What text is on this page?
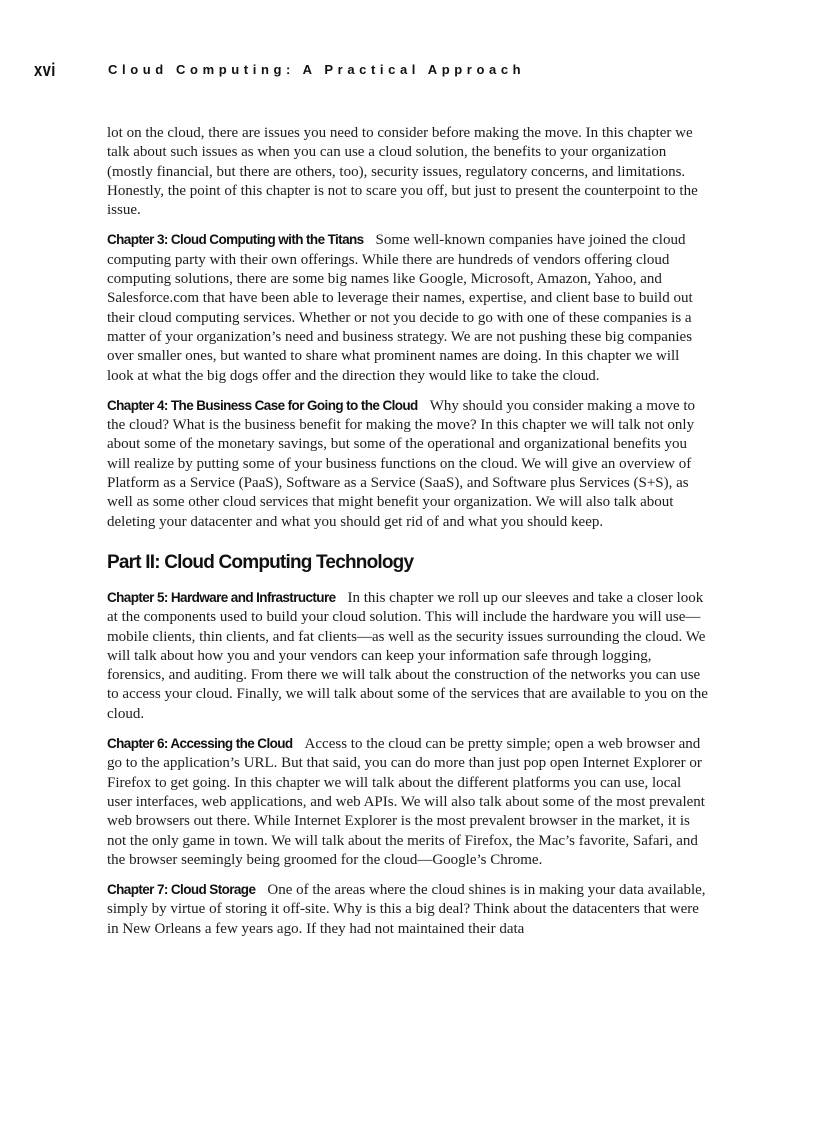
xvi	Cloud Computing: A Practical Approach

lot on the cloud, there are issues you need to consider before making the move. In this chapter we talk about such issues as when you can use a cloud solution, the benefits to your organization (mostly financial, but there are others, too), security issues, regulatory concerns, and limitations. Honestly, the point of this chapter is not to scare you off, but just to present the counterpoint to the issue.

Chapter 3: Cloud Computing with the Titans Some well-known companies have joined the cloud computing party with their own offerings. While there are hundreds of vendors offering cloud computing solutions, there are some big names like Google, Microsoft, Amazon, Yahoo, and Salesforce.com that have been able to leverage their names, expertise, and client base to build out their cloud computing services. Whether or not you decide to go with one of these companies is a matter of your organization’s need and business strategy. We are not pushing these big companies over smaller ones, but wanted to share what prominent names are doing. In this chapter we will look at what the big dogs offer and the direction they would like to take the cloud.

Chapter 4: The Business Case for Going to the Cloud Why should you consider making a move to the cloud? What is the business benefit for making the move? In this chapter we will talk not only about some of the monetary savings, but some of the operational and organizational benefits you will realize by putting some of your business functions on the cloud. We will give an overview of Platform as a Service (PaaS), Software as a Service (SaaS), and Software plus Services (S+S), as well as some other cloud services that might benefit your organization. We will also talk about deleting your datacenter and what you should get rid of and what you should keep.

Part II: Cloud Computing Technology

Chapter 5: Hardware and Infrastructure In this chapter we roll up our sleeves and take a closer look at the components used to build your cloud solution. This will include the hardware you will use—mobile clients, thin clients, and fat clients—as well as the security issues surrounding the cloud. We will talk about how you and your vendors can keep your information safe through logging, forensics, and auditing. From there we will talk about the construction of the networks you can use to access your cloud. Finally, we will talk about some of the services that are available to you on the cloud.

Chapter 6: Accessing the Cloud Access to the cloud can be pretty simple; open a web browser and go to the application’s URL. But that said, you can do more than just pop open Internet Explorer or Firefox to get going. In this chapter we will talk about the different platforms you can use, local user interfaces, web applications, and web APIs. We will also talk about some of the most prevalent web browsers out there. While Internet Explorer is the most prevalent browser in the market, it is not the only game in town. We will talk about the merits of Firefox, the Mac’s favorite, Safari, and the browser seemingly being groomed for the cloud—Google’s Chrome.

Chapter 7: Cloud Storage One of the areas where the cloud shines is in making your data available, simply by virtue of storing it off-site. Why is this a big deal? Think about the datacenters that were in New Orleans a few years ago. If they had not maintained their data
